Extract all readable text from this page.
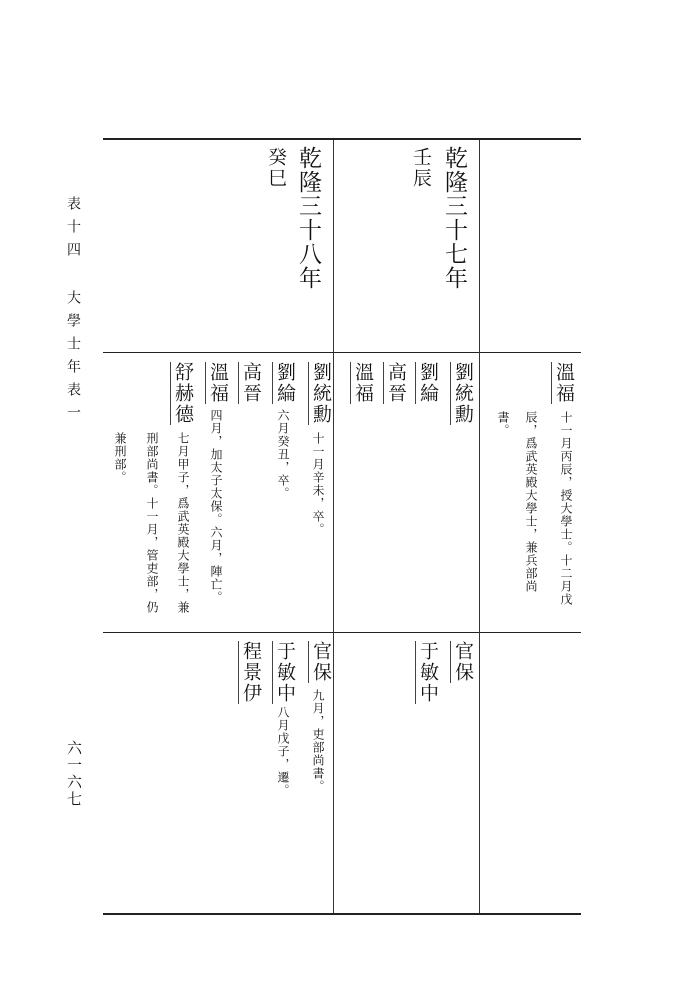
表十四
大學士年表一
六一六七
乾隆三十七年
壬辰
乾隆三十八年
癸巳
溫福
十一月丙辰，授大學士。十二月戊
辰，爲武英殿大學士，兼兵部尚
書。
劉統勳
劉綸
高晉
溫福
官保
于敏中
劉統勳
十一月辛未，卒。
劉綸
六月癸丑，卒。
高晉
溫福
四月，加太子太保。六月，陣亡。
舒赫德
七月甲子，爲武英殿大學士，兼
刑部尚書。十一月，管吏部，仍
兼刑部。
官保
九月，吏部尚書。
于敏中
八月戊子，遷。
程景伊
